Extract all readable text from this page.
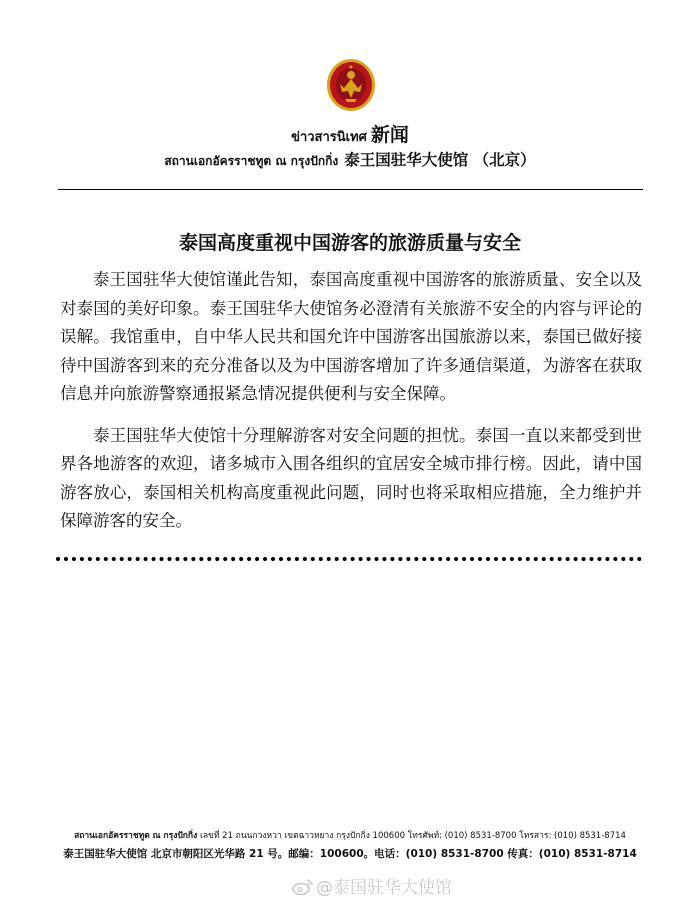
ข่าวสารนิเทศ 新闻
สถานเอกอัครราชทูต ณ กรุงปักกิ่ง 泰王国驻华大使馆 （北京）
泰国高度重视中国游客的旅游质量与安全

泰王国驻华大使馆谨此告知，泰国高度重视中国游客的旅游质量、安全以及对泰国的美好印象。泰王国驻华大使馆务必澄清有关旅游不安全的内容与评论的误解。我馆重申，自中华人民共和国允许中国游客出国旅游以来，泰国已做好接待中国游客到来的充分准备以及为中国游客增加了许多通信渠道，为游客在获取信息并向旅游警察通报紧急情况提供便利与安全保障。

泰王国驻华大使馆十分理解游客对安全问题的担忧。泰国一直以来都受到世界各地游客的欢迎，诸多城市入围各组织的宜居安全城市排行榜。因此，请中国游客放心，泰国相关机构高度重视此问题，同时也将采取相应措施，全力维护并保障游客的安全。

สถานเอกอัครราชทูต ณ กรุงปักกิ่ง เลขที่ 21 ถนนกวงหวา เขตฉาวหยาง กรุงปักกิ่ง 100600 โทรศัพท์: (010) 8531-8700 โทรสาร: (010) 8531-8714
泰王国驻华大使馆 北京市朝阳区光华路 21 号。邮编：100600。电话：(010) 8531-8700 传真：(010) 8531-8714
@泰国驻华大使馆
